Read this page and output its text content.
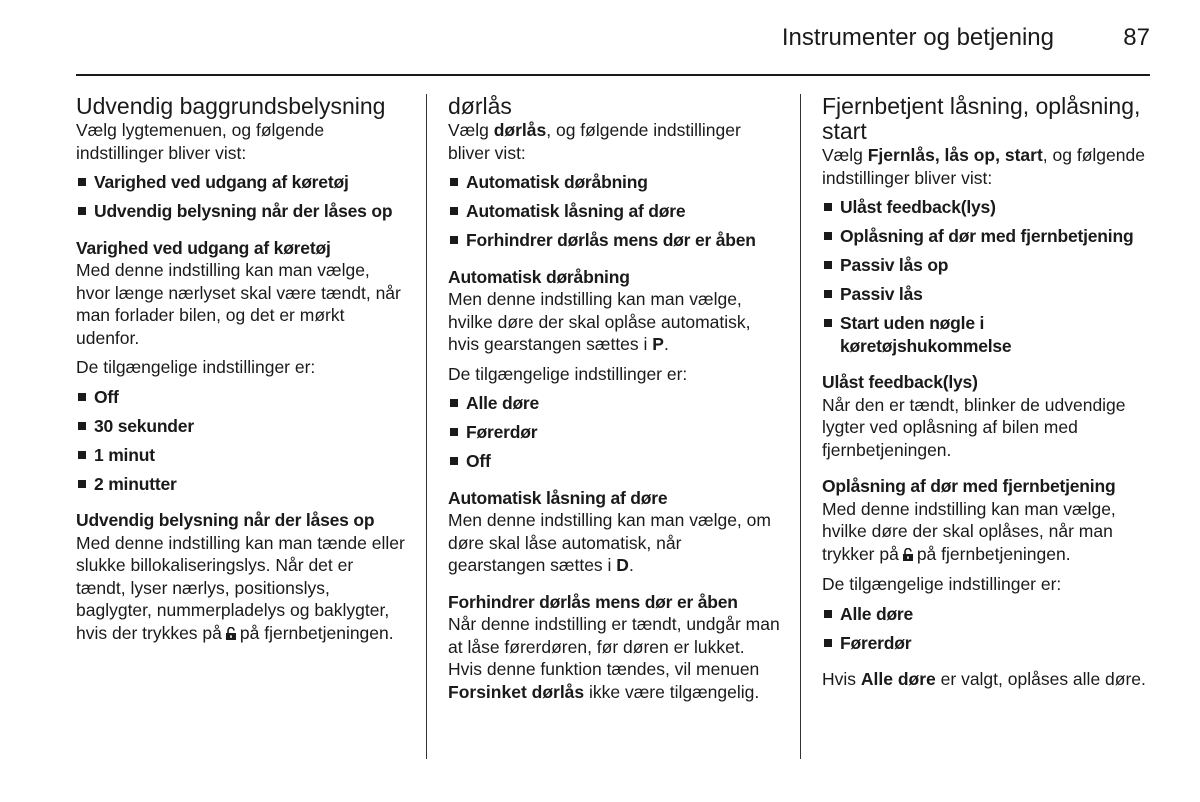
Instrumenter og betjening	87
Udvendig baggrundsbelysning

Vælg lygtemenuen, og følgende indstillinger bliver vist:

Varighed ved udgang af køretøj
Udvendig belysning når der låses op
Varighed ved udgang af køretøj

Med denne indstilling kan man vælge, hvor længe nærlyset skal være tændt, når man forlader bilen, og det er mørkt udenfor.

De tilgængelige indstillinger er:

Off
30 sekunder
1 minut
2 minutter
Udvendig belysning når der låses op

Med denne indstilling kan man tænde eller slukke billokaliseringslys. Når det er tændt, lyser nærlys, positionslys, baglygter, nummerpladelys og baklygter, hvis der trykkes på på fjernbetjeningen.

dørlås

Vælg dørlås, og følgende indstillinger bliver vist:

Automatisk døråbning
Automatisk låsning af døre
Forhindrer dørlås mens dør er åben
Automatisk døråbning

Men denne indstilling kan man vælge, hvilke døre der skal oplåse automatisk, hvis gearstangen sættes i P.

De tilgængelige indstillinger er:

Alle døre
Førerdør
Off
Automatisk låsning af døre

Men denne indstilling kan man vælge, om døre skal låse automatisk, når gearstangen sættes i D.

Forhindrer dørlås mens dør er åben

Når denne indstilling er tændt, undgår man at låse førerdøren, før døren er lukket. Hvis denne funktion tændes, vil menuen Forsinket dørlås ikke være tilgængelig.

Fjernbetjent låsning, oplåsning, start

Vælg Fjernlås, lås op, start, og følgende indstillinger bliver vist:

Ulåst feedback(lys)
Oplåsning af dør med fjernbetjening
Passiv lås op
Passiv lås
Start uden nøgle i køretøjshukommelse
Ulåst feedback(lys)

Når den er tændt, blinker de udvendige lygter ved oplåsning af bilen med fjernbetjeningen.

Oplåsning af dør med fjernbetjening

Med denne indstilling kan man vælge, hvilke døre der skal oplåses, når man trykker på på fjernbetjeningen.

De tilgængelige indstillinger er:

Alle døre
Førerdør

Hvis Alle døre er valgt, oplåses alle døre.
